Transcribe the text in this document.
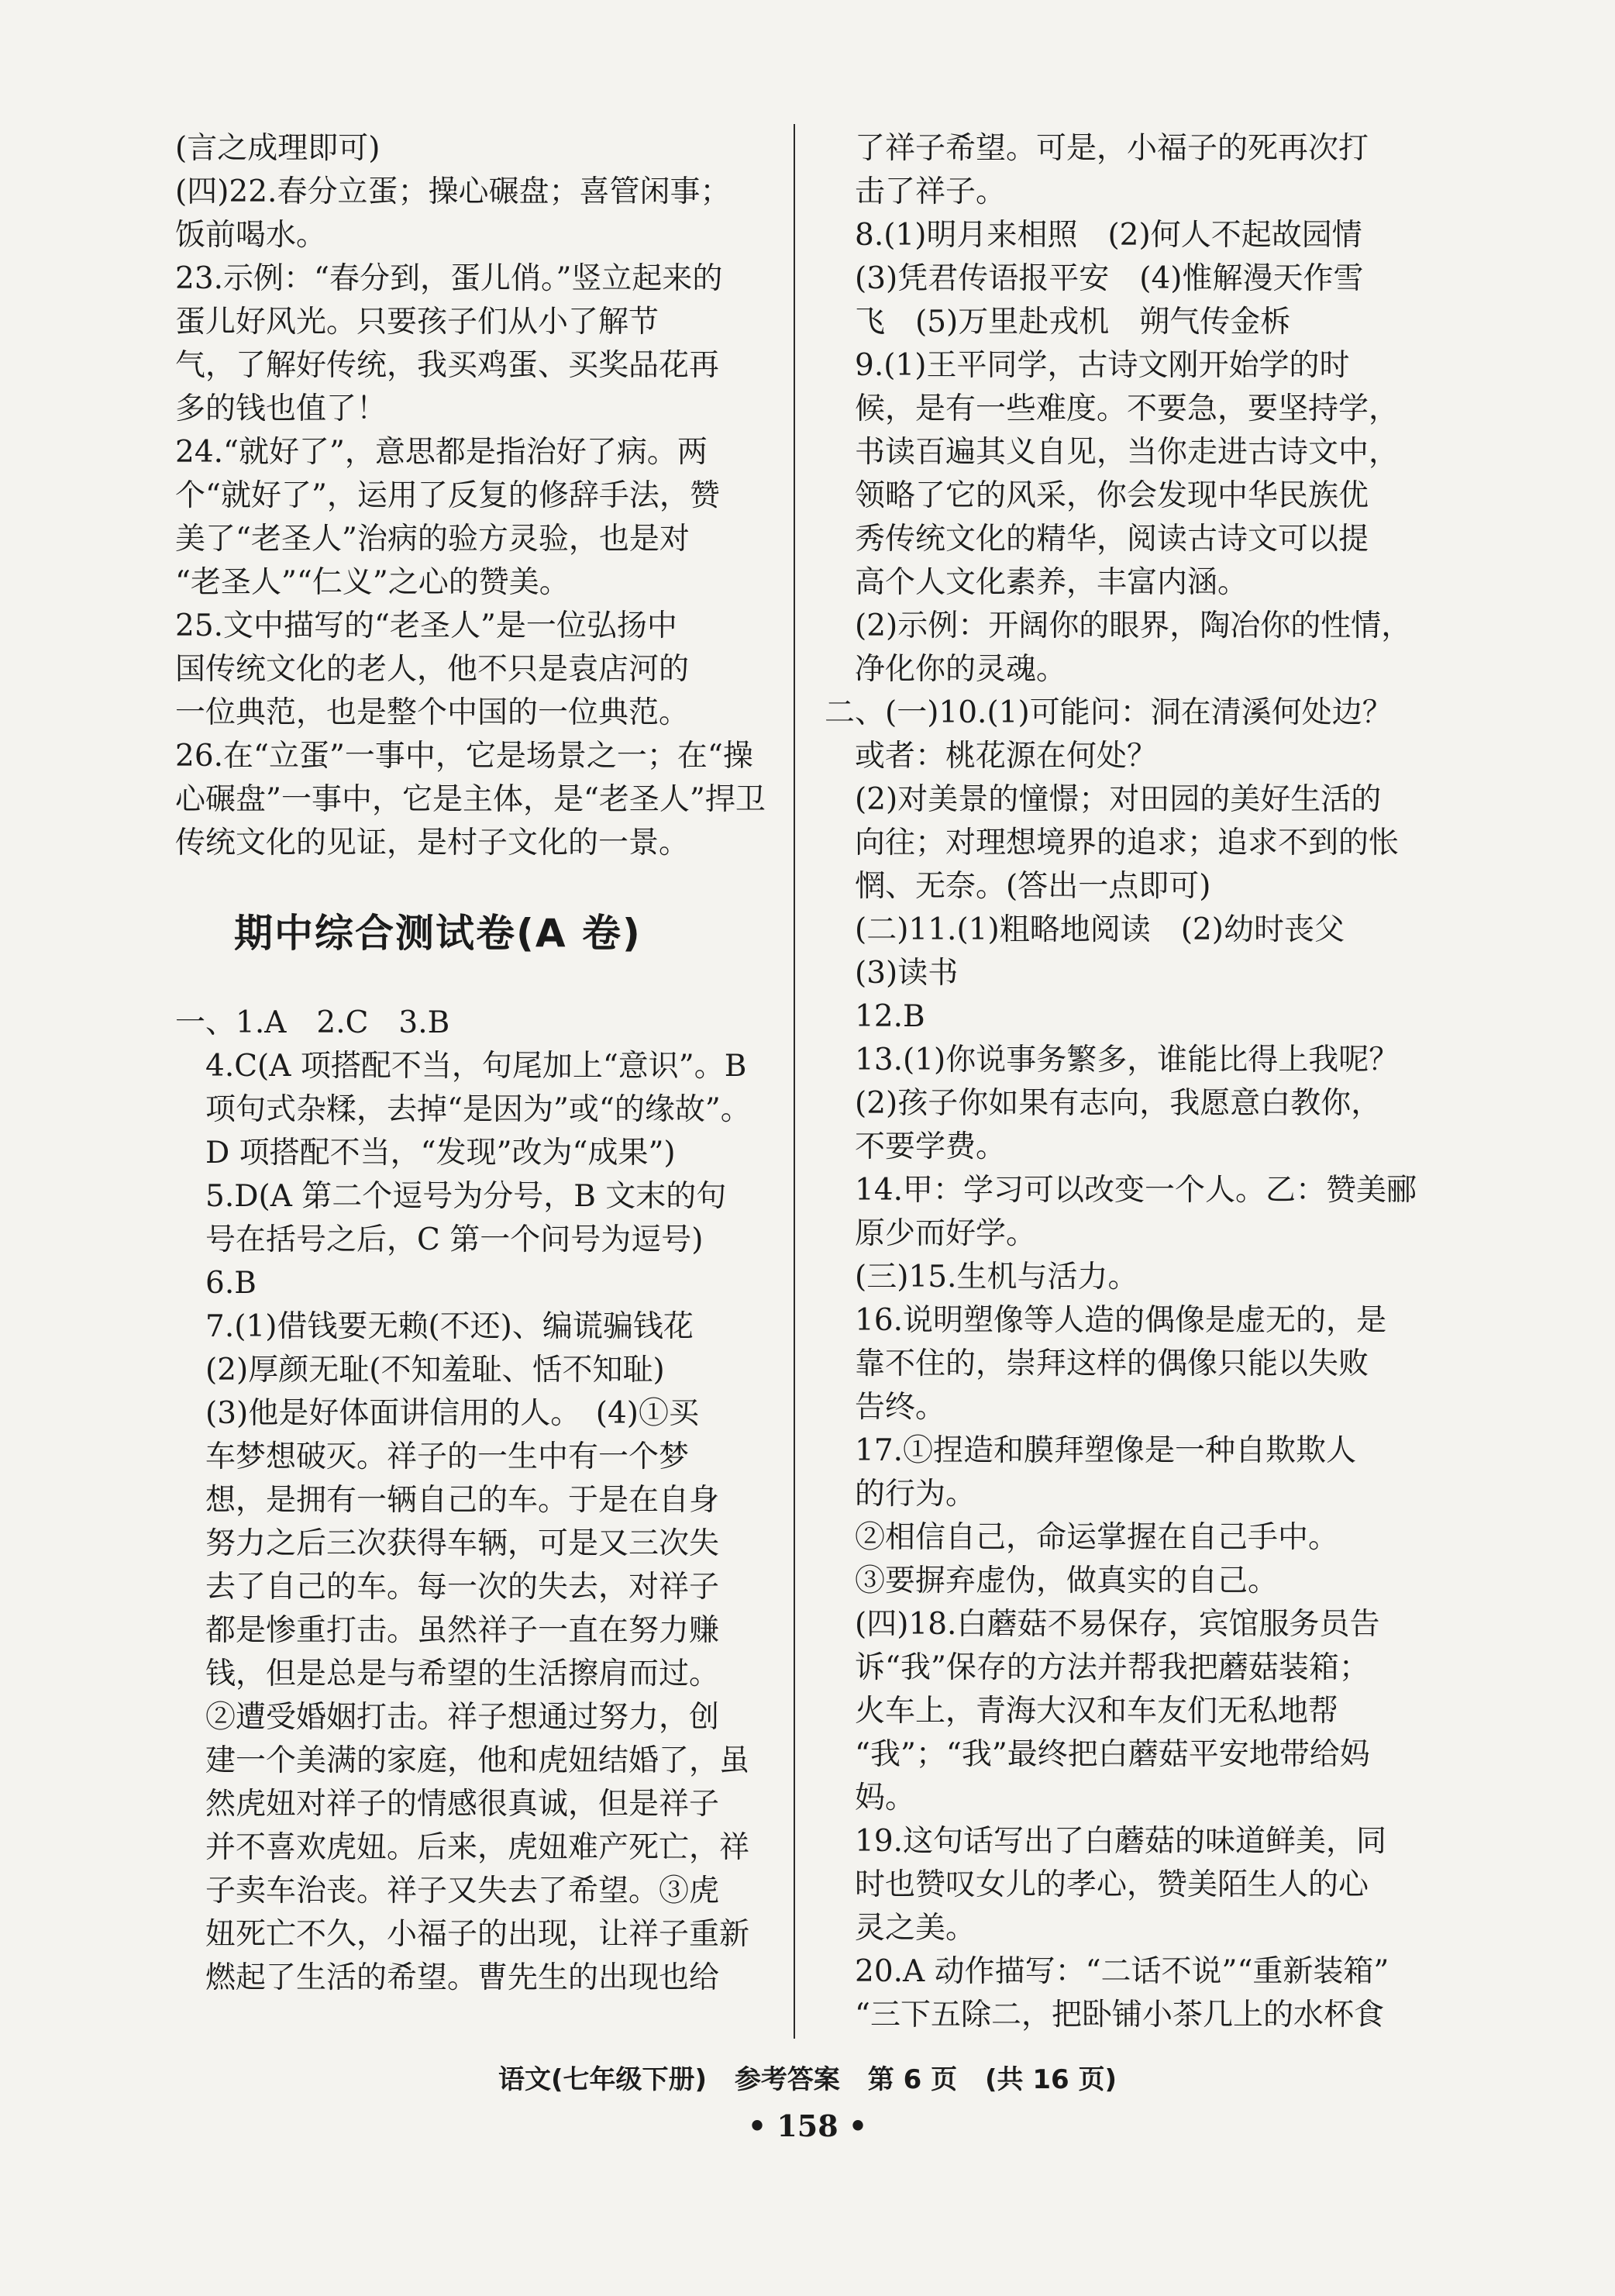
(言之成理即可)
(四)22.春分立蛋；操心碾盘；喜管闲事；
饭前喝水。
23.示例：“春分到，蛋儿俏。”竖立起来的
蛋儿好风光。只要孩子们从小了解节
气，了解好传统，我买鸡蛋、买奖品花再
多的钱也值了！
24.“就好了”，意思都是指治好了病。两
个“就好了”，运用了反复的修辞手法，赞
美了“老圣人”治病的验方灵验，也是对
“老圣人”“仁义”之心的赞美。
25.文中描写的“老圣人”是一位弘扬中
国传统文化的老人，他不只是袁店河的
一位典范，也是整个中国的一位典范。
26.在“立蛋”一事中，它是场景之一；在“操
心碾盘”一事中，它是主体，是“老圣人”捍卫
传统文化的见证，是村子文化的一景。
期中综合测试卷(A 卷)
一、1.A　2.C　3.B
　4.C(A 项搭配不当，句尾加上“意识”。B
　项句式杂糅，去掉“是因为”或“的缘故”。
　D 项搭配不当，“发现”改为“成果”)
　5.D(A 第二个逗号为分号，B 文末的句
　号在括号之后，C 第一个问号为逗号)
　6.B
　7.(1)借钱要无赖(不还)、编谎骗钱花
　(2)厚颜无耻(不知羞耻、恬不知耻)
　(3)他是好体面讲信用的人。　(4)①买
　车梦想破灭。祥子的一生中有一个梦
　想，是拥有一辆自己的车。于是在自身
　努力之后三次获得车辆，可是又三次失
　去了自己的车。每一次的失去，对祥子
　都是惨重打击。虽然祥子一直在努力赚
　钱，但是总是与希望的生活擦肩而过。
　②遭受婚姻打击。祥子想通过努力，创
　建一个美满的家庭，他和虎妞结婚了，虽
　然虎妞对祥子的情感很真诚，但是祥子
　并不喜欢虎妞。后来，虎妞难产死亡，祥
　子卖车治丧。祥子又失去了希望。③虎
　妞死亡不久，小福子的出现，让祥子重新
　燃起了生活的希望。曹先生的出现也给
　了祥子希望。可是，小福子的死再次打
　击了祥子。
　8.(1)明月来相照　(2)何人不起故园情
　(3)凭君传语报平安　(4)惟解漫天作雪
　飞　(5)万里赴戎机　朔气传金柝
　9.(1)王平同学，古诗文刚开始学的时
　候，是有一些难度。不要急，要坚持学，
　书读百遍其义自见，当你走进古诗文中，
　领略了它的风采，你会发现中华民族优
　秀传统文化的精华，阅读古诗文可以提
　高个人文化素养，丰富内涵。
　(2)示例：开阔你的眼界，陶冶你的性情，
　净化你的灵魂。
二、(一)10.(1)可能问：洞在清溪何处边？
　或者：桃花源在何处？
　(2)对美景的憧憬；对田园的美好生活的
　向往；对理想境界的追求；追求不到的怅
　惘、无奈。(答出一点即可)
　(二)11.(1)粗略地阅读　(2)幼时丧父
　(3)读书
　12.B
　13.(1)你说事务繁多，谁能比得上我呢？
　(2)孩子你如果有志向，我愿意白教你，
　不要学费。
　14.甲：学习可以改变一个人。乙：赞美郦
　原少而好学。
　(三)15.生机与活力。
　16.说明塑像等人造的偶像是虚无的，是
　靠不住的，崇拜这样的偶像只能以失败
　告终。
　17.①捏造和膜拜塑像是一种自欺欺人
　的行为。
　②相信自己，命运掌握在自己手中。
　③要摒弃虚伪，做真实的自己。
　(四)18.白蘑菇不易保存，宾馆服务员告
　诉“我”保存的方法并帮我把蘑菇装箱；
　火车上，青海大汉和车友们无私地帮
　“我”；“我”最终把白蘑菇平安地带给妈
　妈。
　19.这句话写出了白蘑菇的味道鲜美，同
　时也赞叹女儿的孝心，赞美陌生人的心
　灵之美。
　20.A 动作描写：“二话不说”“重新装箱”
　“三下五除二，把卧铺小茶几上的水杯食
语文(七年级下册) 参考答案 第 6 页 (共 16 页)
• 158 •
